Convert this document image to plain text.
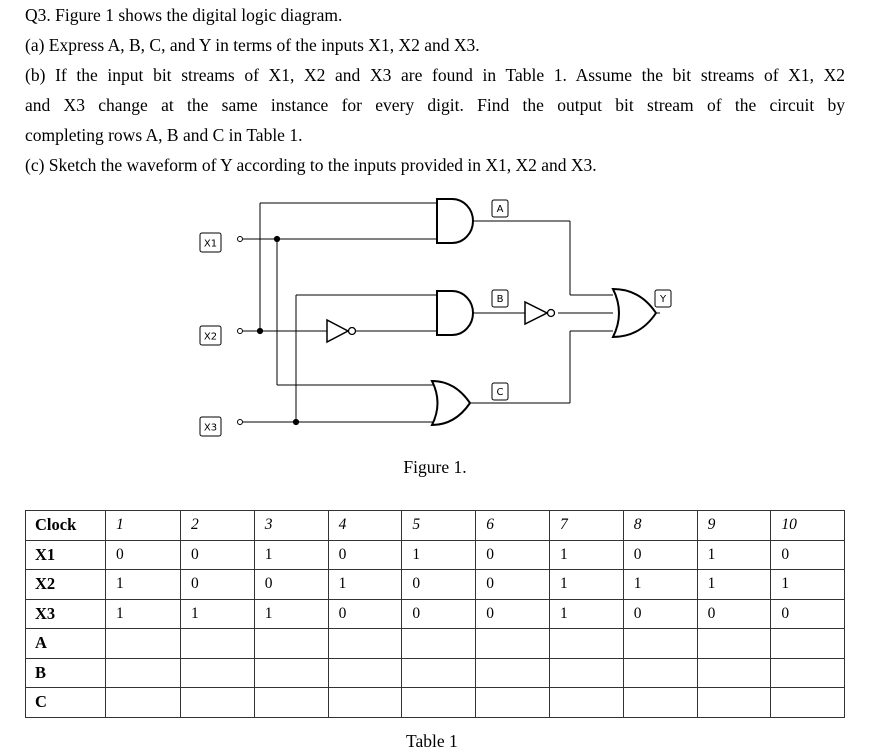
Q3. Figure 1 shows the digital logic diagram.
(a) Express A, B, C, and Y in terms of the inputs X1, X2 and X3.
(b) If the input bit streams of X1, X2 and X3 are found in Table 1. Assume the bit streams of X1, X2
and X3 change at the same instance for every digit. Find the output bit stream of the circuit by
completing rows A, B and C in Table 1.
(c) Sketch the waveform of Y according to the inputs provided in X1, X2 and X3.
X1
X2
X3
A
B
C
Y
Figure 1.
Clock	1	2	3	4	5	6	7	8	9	10
X1	0	0	1	0	1	0	1	0	1	0
X2	1	0	0	1	0	0	1	1	1	1
X3	1	1	1	0	0	0	1	0	0	0
A										
B										
C										
Table 1
